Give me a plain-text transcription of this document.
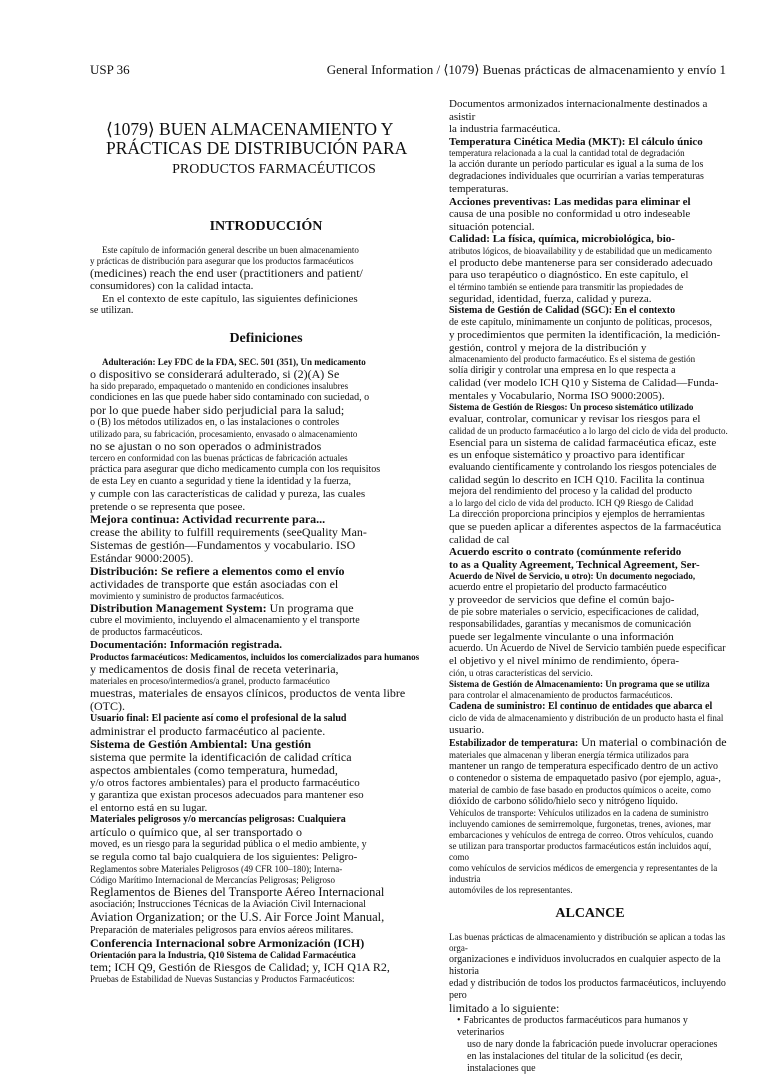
USP 36	General Information / ⟨1079⟩ Buenas prácticas de almacenamiento y envío 1
⟨1079⟩ BUEN ALMACENAMIENTO Y
PRÁCTICAS DE DISTRIBUCIÓN PARA
PRODUCTOS FARMACÉUTICOS
INTRODUCCIÓN

Este capítulo de información general describe un buen almacenamiento

y prácticas de distribución para asegurar que los productos farmacéuticos

(medicines) reach the end user (practitioners and patient/

consumidores) con la calidad intacta.

En el contexto de este capítulo, las siguientes definiciones

se utilizan.

Definiciones

Adulteración: Ley FDC de la FDA, SEC. 501 (351), Un medicamento

o dispositivo se considerará adulterado, si (2)(A) Se

ha sido preparado, empaquetado o mantenido en condiciones insalubres

condiciones en las que puede haber sido contaminado con suciedad, o

por lo que puede haber sido perjudicial para la salud;

o (B) los métodos utilizados en, o las instalaciones o controles

utilizado para, su fabricación, procesamiento, envasado o almacenamiento

no se ajustan o no son operados o administrados

tercero en conformidad con las buenas prácticas de fabricación actuales

práctica para asegurar que dicho medicamento cumpla con los requisitos

de esta Ley en cuanto a seguridad y tiene la identidad y la fuerza,

y cumple con las características de calidad y pureza, las cuales

pretende o se representa que posee.

Mejora continua: Actividad recurrente para...

crease the ability to fulfill requirements (seeQuality Man-

Sistemas de gestión—Fundamentos y vocabulario. ISO

Estándar 9000:2005).

Distribución: Se refiere a elementos como el envío

actividades de transporte que están asociadas con el

movimiento y suministro de productos farmacéuticos.

Distribution Management System: Un programa que

cubre el movimiento, incluyendo el almacenamiento y el transporte

de productos farmacéuticos.

Documentación: Información registrada.

Productos farmacéuticos: Medicamentos, incluidos los comercializados para humanos

y medicamentos de dosis final de receta veterinaria,

materiales en proceso/intermedios/a granel, producto farmacéutico

muestras, materiales de ensayos clínicos, productos de venta libre

(OTC).

Usuario final: El paciente así como el profesional de la salud

administrar el producto farmacéutico al paciente.

Sistema de Gestión Ambiental: Una gestión

sistema que permite la identificación de calidad crítica

aspectos ambientales (como temperatura, humedad,

y/o otros factores ambientales) para el producto farmacéutico

y garantiza que existan procesos adecuados para mantener eso

el entorno está en su lugar.

Materiales peligrosos y/o mercancías peligrosas: Cualquiera

artículo o químico que, al ser transportado o

moved, es un riesgo para la seguridad pública o el medio ambiente, y

se regula como tal bajo cualquiera de los siguientes: Peligro-

Reglamentos sobre Materiales Peligrosos (49 CFR 100–180); Interna-

Código Marítimo Internacional de Mercancías Peligrosas; Peligroso

Reglamentos de Bienes del Transporte Aéreo Internacional

asociación; Instrucciones Técnicas de la Aviación Civil Internacional

Aviation Organization; or the U.S. Air Force Joint Manual,

Preparación de materiales peligrosos para envíos aéreos militares.

Conferencia Internacional sobre Armonización (ICH)

Orientación para la Industria, Q10 Sistema de Calidad Farmacéutica

tem; ICH Q9, Gestión de Riesgos de Calidad; y, ICH Q1A R2,

Pruebas de Estabilidad de Nuevas Sustancias y Productos Farmacéuticos:

Documentos armonizados internacionalmente destinados a asistir

la industria farmacéutica.

Temperatura Cinética Media (MKT): El cálculo único

temperatura relacionada a la cual la cantidad total de degradación

la acción durante un período particular es igual a la suma de los

degradaciones individuales que ocurrirían a varias temperaturas

temperaturas.

Acciones preventivas: Las medidas para eliminar el

causa de una posible no conformidad u otro indeseable

situación potencial.

Calidad: La física, química, microbiológica, bio-

atributos lógicos, de bioavailability y de estabilidad que un medicamento

el producto debe mantenerse para ser considerado adecuado

para uso terapéutico o diagnóstico. En este capítulo, el

el término también se entiende para transmitir las propiedades de

seguridad, identidad, fuerza, calidad y pureza.

Sistema de Gestión de Calidad (SGC): En el contexto

de este capítulo, mínimamente un conjunto de políticas, procesos,

y procedimientos que permiten la identificación, la medición-

gestión, control y mejora de la distribución y

almacenamiento del producto farmacéutico. Es el sistema de gestión

solía dirigir y controlar una empresa en lo que respecta a

calidad (ver modelo ICH Q10 y Sistema de Calidad—Funda-

mentales y Vocabulario, Norma ISO 9000:2005).

Sistema de Gestión de Riesgos: Un proceso sistemático utilizado

evaluar, controlar, comunicar y revisar los riesgos para el

calidad de un producto farmacéutico a lo largo del ciclo de vida del producto.

Esencial para un sistema de calidad farmacéutica eficaz, este

es un enfoque sistemático y proactivo para identificar

evaluando científicamente y controlando los riesgos potenciales de

calidad según lo descrito en ICH Q10. Facilita la continua

mejora del rendimiento del proceso y la calidad del producto

a lo largo del ciclo de vida del producto. ICH Q9 Riesgo de Calidad

La dirección proporciona principios y ejemplos de herramientas

que se pueden aplicar a diferentes aspectos de la farmacéutica

calidad de cal

Acuerdo escrito o contrato (comúnmente referido

to as a Quality Agreement, Technical Agreement, Ser-

Acuerdo de Nivel de Servicio, u otro): Un documento negociado,

acuerdo entre el propietario del producto farmacéutico

y proveedor de servicios que define el común bajo-

de pie sobre materiales o servicio, especificaciones de calidad,

responsabilidades, garantías y mecanismos de comunicación

puede ser legalmente vinculante o una información

acuerdo. Un Acuerdo de Nivel de Servicio también puede especificar

el objetivo y el nivel mínimo de rendimiento, ópera-

ción, u otras características del servicio.

Sistema de Gestión de Almacenamiento: Un programa que se utiliza

para controlar el almacenamiento de productos farmacéuticos.

Cadena de suministro: El continuo de entidades que abarca el

ciclo de vida de almacenamiento y distribución de un producto hasta el final

usuario.

Estabilizador de temperatura: Un material o combinación de

materiales que almacenan y liberan energía térmica utilizados para

mantener un rango de temperatura especificado dentro de un activo

o contenedor o sistema de empaquetado pasivo (por ejemplo, agua-,

material de cambio de fase basado en productos químicos o aceite, como

dióxido de carbono sólido/hielo seco y nitrógeno líquido.

Vehículos de transporte: Vehículos utilizados en la cadena de suministro

incluyendo camiones de semirremolque, furgonetas, trenes, aviones, mar

embarcaciones y vehículos de entrega de correo. Otros vehículos, cuando

se utilizan para transportar productos farmacéuticos están incluidos aquí, como

como vehículos de servicios médicos de emergencia y representantes de la industria

automóviles de los representantes.

ALCANCE

Las buenas prácticas de almacenamiento y distribución se aplican a todas las orga-

organizaciones e individuos involucrados en cualquier aspecto de la historia

edad y distribución de todos los productos farmacéuticos, incluyendo pero

limitado a lo siguiente:

• Fabricantes de productos farmacéuticos para humanos y veterinarios

uso de nary donde la fabricación puede involucrar operaciones

en las instalaciones del titular de la solicitud (es decir, instalaciones que
